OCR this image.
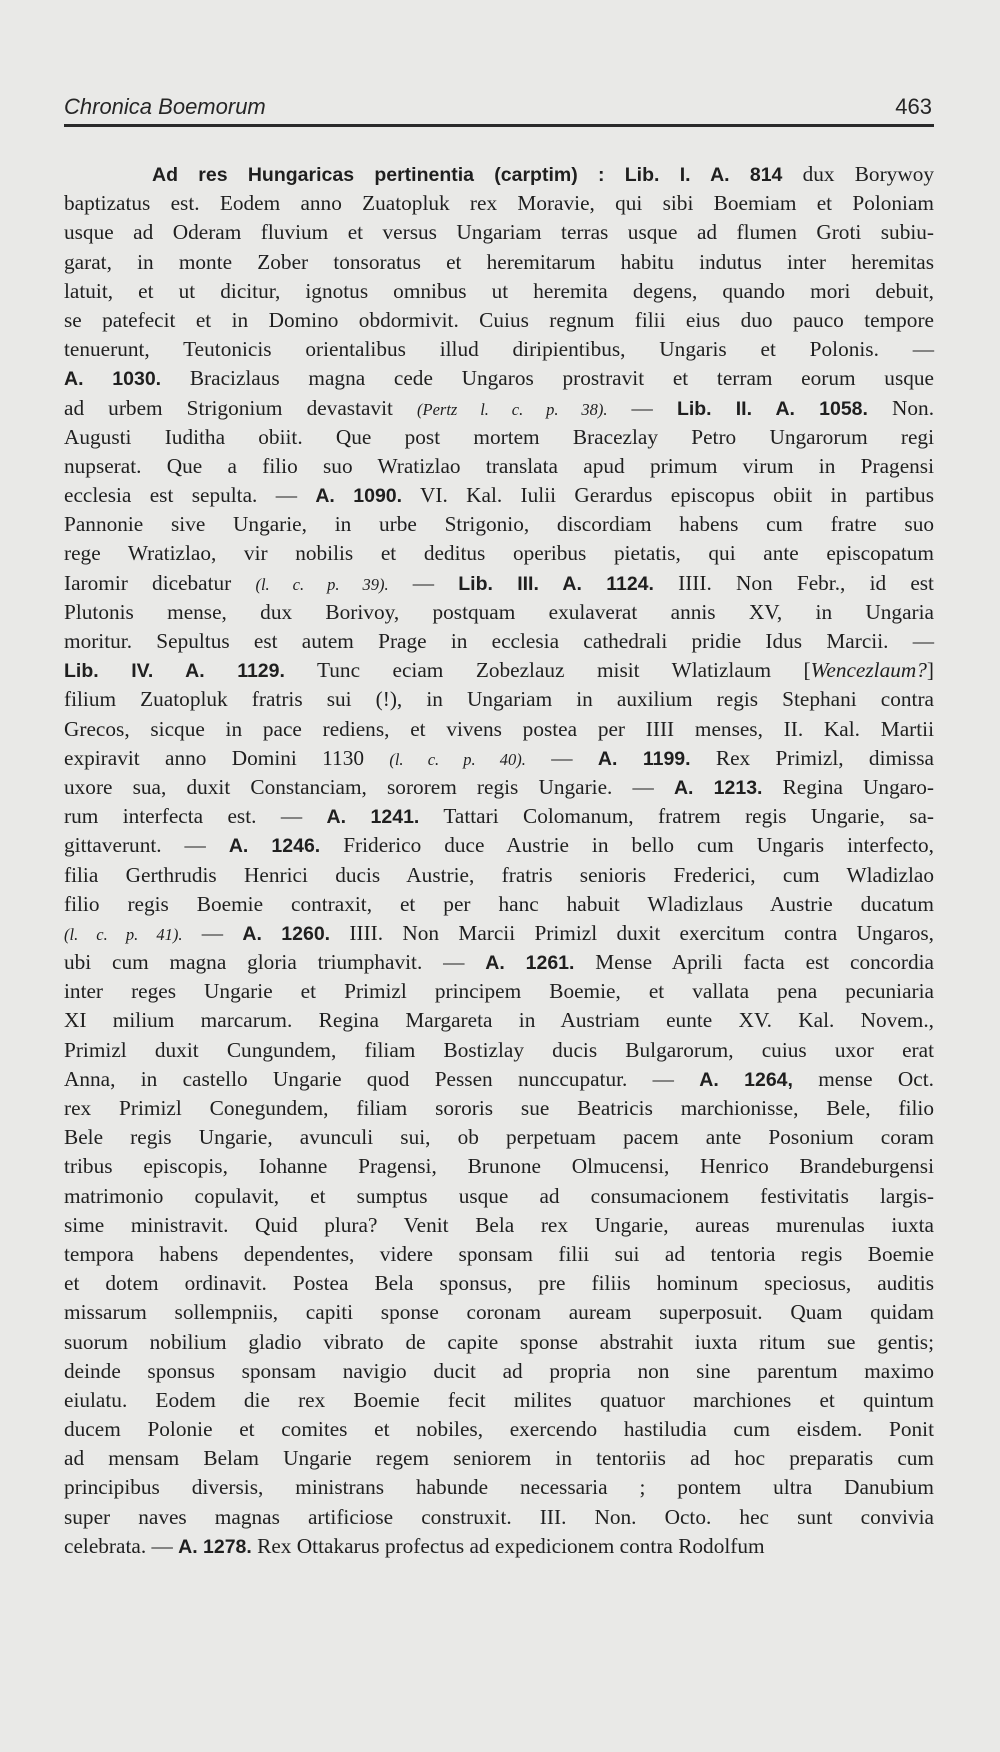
Chronica Boemorum	463
Ad res Hungaricas pertinentia (carptim) : Lib. I. A. 814 dux Borywoy
baptizatus est. Eodem anno Zuatopluk rex Moravie, qui sibi Boemiam et Poloniam
usque ad Oderam fluvium et versus Ungariam terras usque ad flumen Groti subiu-
garat, in monte Zober tonsoratus et heremitarum habitu indutus inter heremitas
latuit, et ut dicitur, ignotus omnibus ut heremita degens, quando mori debuit,
se patefecit et in Domino obdormivit. Cuius regnum filii eius duo pauco tempore
tenuerunt, Teutonicis orientalibus illud diripientibus, Ungaris et Polonis. —
A. 1030. Bracizlaus magna cede Ungaros prostravit et terram eorum usque
ad urbem Strigonium devastavit (Pertz l. c. p. 38). — Lib. II. A. 1058. Non.
Augusti Iuditha obiit. Que post mortem Bracezlay Petro Ungarorum regi
nupserat. Que a filio suo Wratizlao translata apud primum virum in Pragensi
ecclesia est sepulta. — A. 1090. VI. Kal. Iulii Gerardus episcopus obiit in partibus
Pannonie sive Ungarie, in urbe Strigonio, discordiam habens cum fratre suo
rege Wratizlao, vir nobilis et deditus operibus pietatis, qui ante episcopatum
Iaromir dicebatur (l. c. p. 39). — Lib. III. A. 1124. IIII. Non Febr., id est
Plutonis mense, dux Borivoy, postquam exulaverat annis XV, in Ungaria
moritur. Sepultus est autem Prage in ecclesia cathedrali pridie Idus Marcii. —
Lib. IV. A. 1129. Tunc eciam Zobezlauz misit Wlatizlaum [Wencezlaum?]
filium Zuatopluk fratris sui (!), in Ungariam in auxilium regis Stephani contra
Grecos, sicque in pace rediens, et vivens postea per IIII menses, II. Kal. Martii
expiravit anno Domini 1130 (l. c. p. 40). — A. 1199. Rex Primizl, dimissa
uxore sua, duxit Constanciam, sororem regis Ungarie. — A. 1213. Regina Ungaro-
rum interfecta est. — A. 1241. Tattari Colomanum, fratrem regis Ungarie, sa-
gittaverunt. — A. 1246. Friderico duce Austrie in bello cum Ungaris interfecto,
filia Gerthrudis Henrici ducis Austrie, fratris senioris Frederici, cum Wladizlao
filio regis Boemie contraxit, et per hanc habuit Wladizlaus Austrie ducatum
(l. c. p. 41). — A. 1260. IIII. Non Marcii Primizl duxit exercitum contra Ungaros,
ubi cum magna gloria triumphavit. — A. 1261. Mense Aprili facta est concordia
inter reges Ungarie et Primizl principem Boemie, et vallata pena pecuniaria
XI milium marcarum. Regina Margareta in Austriam eunte XV. Kal. Novem.,
Primizl duxit Cungundem, filiam Bostizlay ducis Bulgarorum, cuius uxor erat
Anna, in castello Ungarie quod Pessen nunccupatur. — A. 1264, mense Oct.
rex Primizl Conegundem, filiam sororis sue Beatricis marchionisse, Bele, filio
Bele regis Ungarie, avunculi sui, ob perpetuam pacem ante Posonium coram
tribus episcopis, Iohanne Pragensi, Brunone Olmucensi, Henrico Brandeburgensi
matrimonio copulavit, et sumptus usque ad consumacionem festivitatis largis-
sime ministravit. Quid plura? Venit Bela rex Ungarie, aureas murenulas iuxta
tempora habens dependentes, videre sponsam filii sui ad tentoria regis Boemie
et dotem ordinavit. Postea Bela sponsus, pre filiis hominum speciosus, auditis
missarum sollempniis, capiti sponse coronam auream superposuit. Quam quidam
suorum nobilium gladio vibrato de capite sponse abstrahit iuxta ritum sue gentis;
deinde sponsus sponsam navigio ducit ad propria non sine parentum maximo
eiulatu. Eodem die rex Boemie fecit milites quatuor marchiones et quintum
ducem Polonie et comites et nobiles, exercendo hastiludia cum eisdem. Ponit
ad mensam Belam Ungarie regem seniorem in tentoriis ad hoc preparatis cum
principibus diversis, ministrans habunde necessaria ; pontem ultra Danubium
super naves magnas artificiose construxit. III. Non. Octo. hec sunt convivia
celebrata. — A. 1278. Rex Ottakarus profectus ad expedicionem contra Rodolfum
